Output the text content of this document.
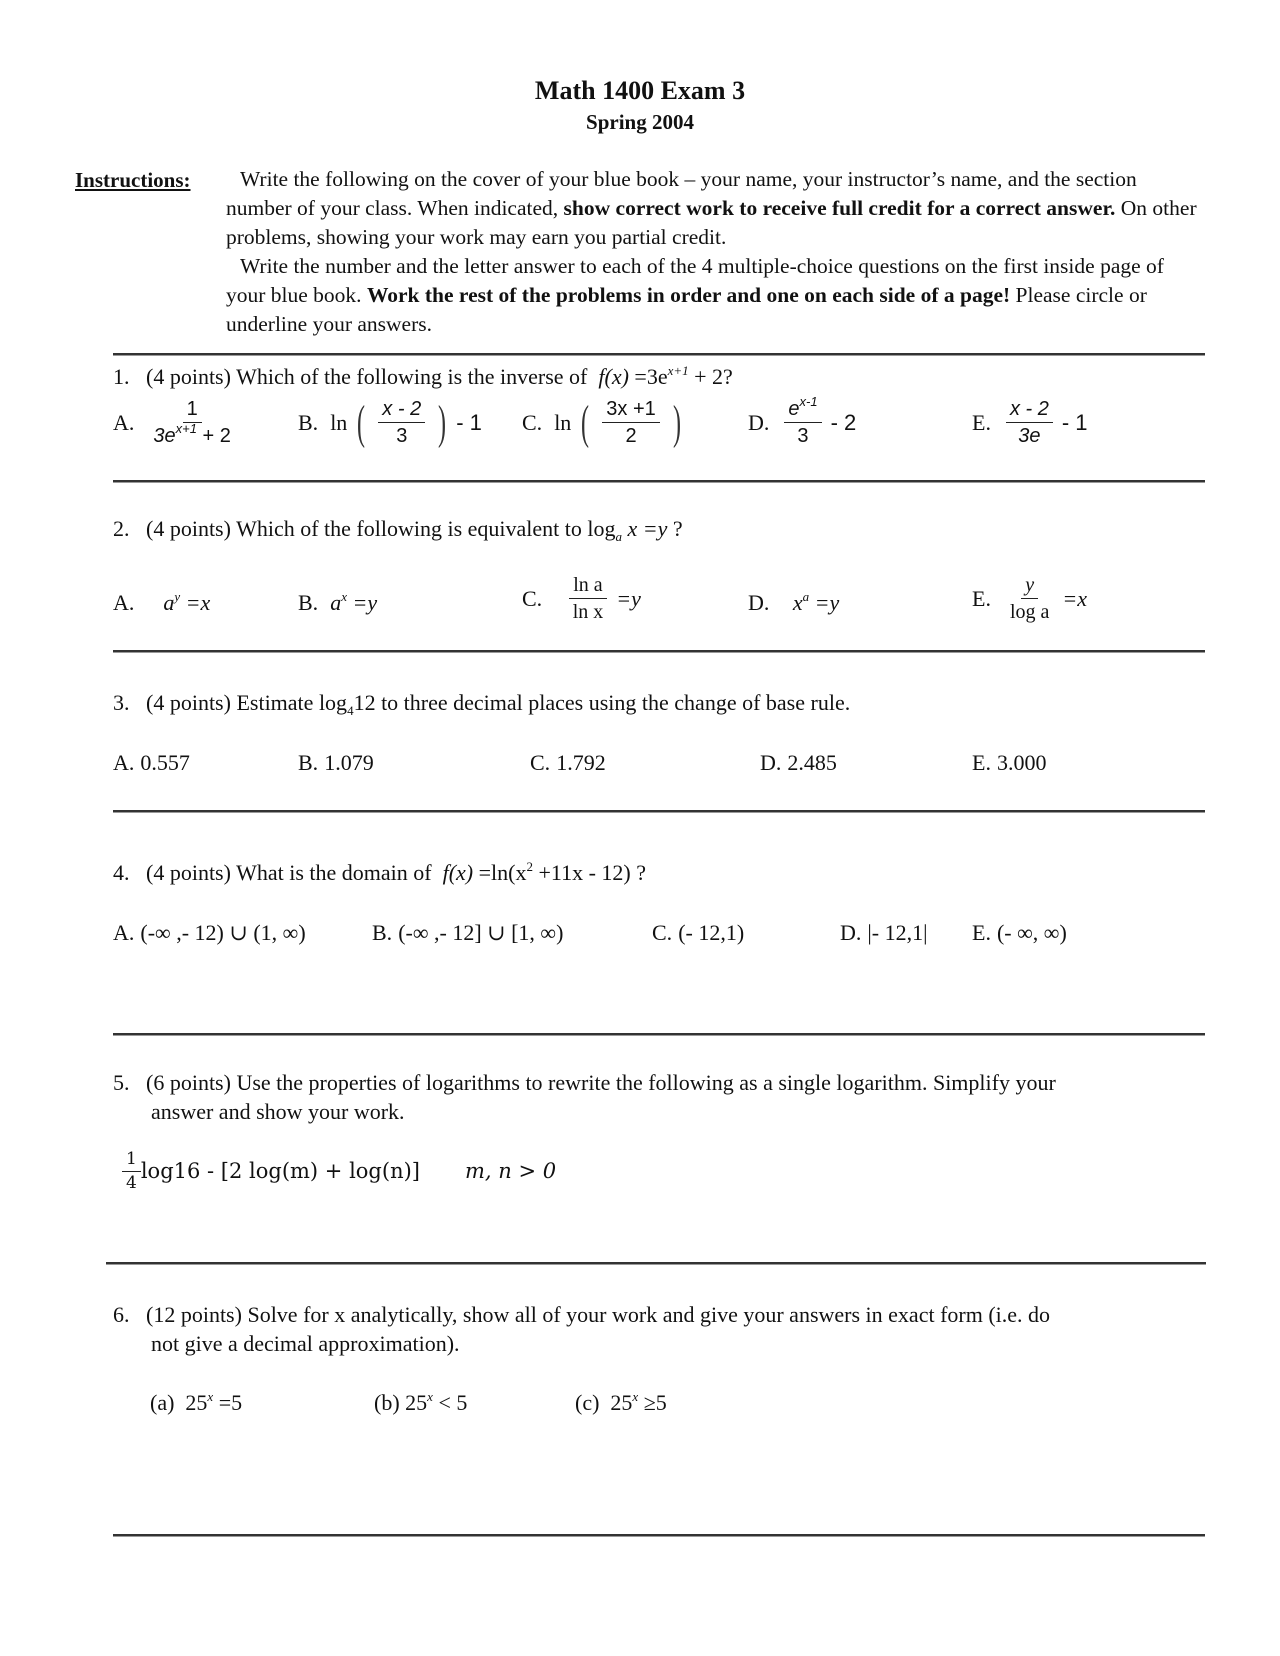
Math 1400 Exam 3
Spring 2004
Instructions:	Write the following on the cover of your blue book – your name, your instructor’s name, and the section number of your class. When indicated, show correct work to receive full credit for a correct answer. On other problems, showing your work may earn you partial credit.
Write the number and the letter answer to each of the 4 multiple-choice questions on the first inside page of your blue book. Work the rest of the problems in order and one on each side of a page! Please circle or underline your answers.
1. (4 points) Which of the following is the inverse of $f(x) =3e^{x+1} + 2$?
A. $\frac{1}{3e^{x+1} + 2}$	B. ln ( $\frac{x - 2}{3}$ ) - 1 C. ln ( $\frac{3x +1}{2}$ )	D. $\frac{e^{x-1}}{3} - 2$	E. $\frac{x - 2}{3e} - 1$
2. (4 points) Which of the following is equivalent to $\log_a x =y$ ?
A.
$a^y =x$	B. $a^x =y$	C.
$\frac{\text{ln a}}{\text{ln x}} =y$	D.
$x^a =y$	E. $\frac{y}{\text{log a}} =x$
3. (4 points) Estimate $\log_412$ to three decimal places using the change of base rule.
A. 0.557	B. 1.079	C. 1.792	D. 2.485	E. 3.000
4. (4 points) What is the domain of $f(x) =\ln(x^2 +11x - 12)$ ?
A. (-∞ ,- 12) ∪ (1, ∞)	B. (-∞ ,- 12] ∪ [1, ∞)	C. (- 12,1)	D. |- 12,1| E. (- ∞, ∞)
5. (6 points) Use the properties of logarithms to rewrite the following as a single logarithm. Simplify your
answer and show your work.
$\frac{1}{4} \log 16 - [2$ log(m) + log(n)] m, n > 0
6. (12 points) Solve for x analytically, show all of your work and give your answers in exact form (i.e. do
not give a decimal approximation).
(a) $25^x =5$	(b) $25^x < 5$	(c) $25^x \ge 5$
